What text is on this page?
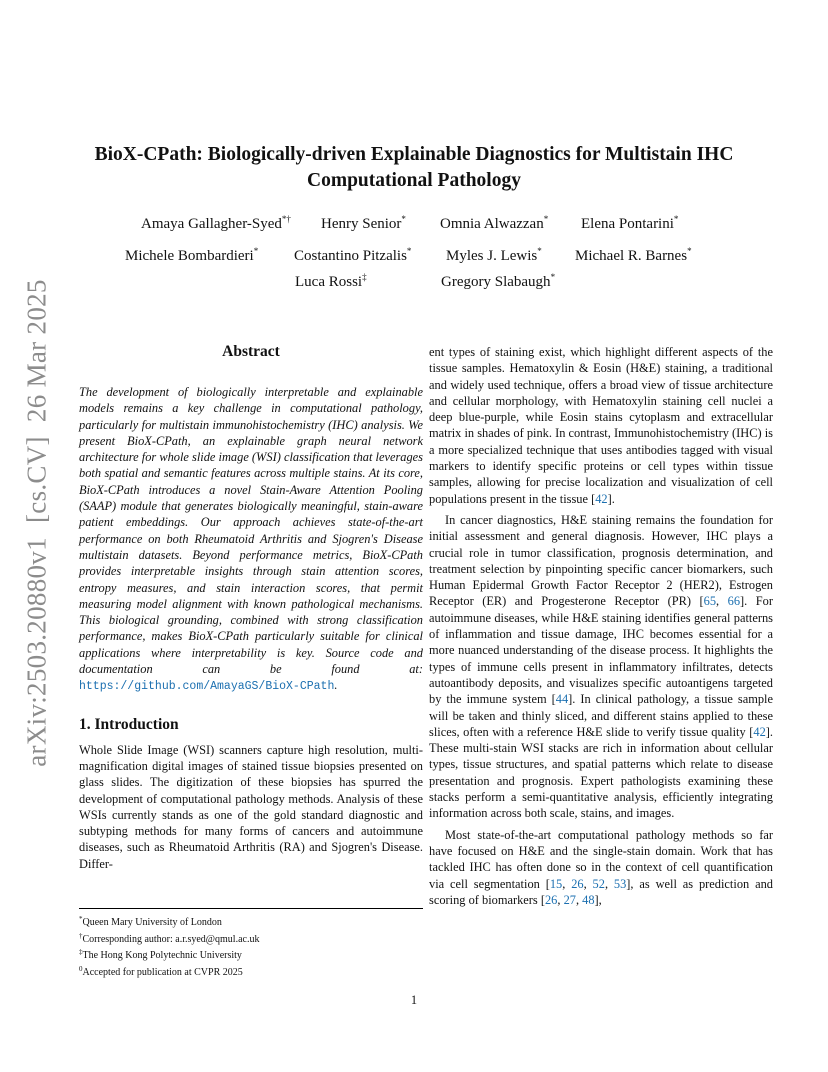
arXiv:2503.20880v1  [cs.CV]  26 Mar 2025
BioX-CPath: Biologically-driven Explainable Diagnostics for Multistain IHC Computational Pathology
Amaya Gallagher-Syed*† Henry Senior* Omnia Alwazzan* Elena Pontarini*
Michele Bombardieri* Costantino Pitzalis* Myles J. Lewis* Michael R. Barnes*
Luca Rossi‡	Gregory Slabaugh*
Abstract

The development of biologically interpretable and explainable models remains a key challenge in computational pathology, particularly for multistain immunohistochemistry (IHC) analysis. We present BioX-CPath, an explainable graph neural network architecture for whole slide image (WSI) classification that leverages both spatial and semantic features across multiple stains. At its core, BioX-CPath introduces a novel Stain-Aware Attention Pooling (SAAP) module that generates biologically meaningful, stain-aware patient embeddings. Our approach achieves state-of-the-art performance on both Rheumatoid Arthritis and Sjogren's Disease multistain datasets. Beyond performance metrics, BioX-CPath provides interpretable insights through stain attention scores, entropy measures, and stain interaction scores, that permit measuring model alignment with known pathological mechanisms. This biological grounding, combined with strong classification performance, makes BioX-CPath particularly suitable for clinical applications where interpretability is key. Source code and documentation can be found at: https://github.com/AmayaGS/BioX-CPath.

1. Introduction

Whole Slide Image (WSI) scanners capture high resolution, multi-magnification digital images of stained tissue biopsies presented on glass slides. The digitization of these biopsies has spurred the development of computational pathology methods. Analysis of these WSIs currently stands as one of the gold standard diagnostic and subtyping methods for many forms of cancers and autoimmune diseases, such as Rheumatoid Arthritis (RA) and Sjogren's Disease. Differ-

ent types of staining exist, which highlight different aspects of the tissue samples. Hematoxylin & Eosin (H&E) staining, a traditional and widely used technique, offers a broad view of tissue architecture and cellular morphology, with Hematoxylin staining cell nuclei a deep blue-purple, while Eosin stains cytoplasm and extracellular matrix in shades of pink. In contrast, Immunohistochemistry (IHC) is a more specialized technique that uses antibodies tagged with visual markers to identify specific proteins or cell types within tissue samples, allowing for precise localization and visualization of cell populations present in the tissue [42].

In cancer diagnostics, H&E staining remains the foundation for initial assessment and general diagnosis. However, IHC plays a crucial role in tumor classification, prognosis determination, and treatment selection by pinpointing specific cancer biomarkers, such Human Epidermal Growth Factor Receptor 2 (HER2), Estrogen Receptor (ER) and Progesterone Receptor (PR) [65, 66]. For autoimmune diseases, while H&E staining identifies general patterns of inflammation and tissue damage, IHC becomes essential for a more nuanced understanding of the disease process. It highlights the types of immune cells present in inflammatory infiltrates, detects autoantibody deposits, and visualizes specific autoantigens targeted by the immune system [44]. In clinical pathology, a tissue sample will be taken and thinly sliced, and different stains applied to these slices, often with a reference H&E slide to verify tissue quality [42]. These multi-stain WSI stacks are rich in information about cellular types, tissue structures, and spatial patterns which relate to disease presentation and prognosis. Expert pathologists examining these stacks perform a semi-quantitative analysis, efficiently integrating information across both scale, stains, and images.

Most state-of-the-art computational pathology methods so far have focused on H&E and the single-stain domain. Work that has tackled IHC has often done so in the context of cell quantification via cell segmentation [15, 26, 52, 53], as well as prediction and scoring of biomarkers [26, 27, 48],

*Queen Mary University of London
†Corresponding author: a.r.syed@qmul.ac.uk
‡The Hong Kong Polytechnic University
$^0$Accepted for publication at CVPR 2025
1
